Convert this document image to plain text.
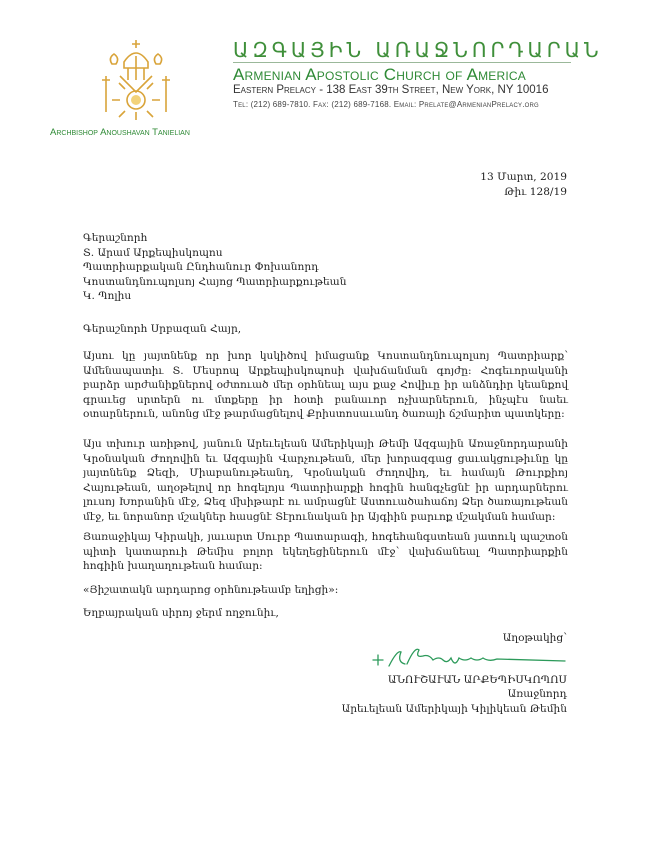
ԱԶԳԱՅԻՆ ԱՌԱՋՆՈՐԴԱՐԱՆ
Armenian Apostolic Church of America
Eastern Prelacy - 138 East 39th Street, New York, NY 10016
Tel: (212) 689-7810. Fax: (212) 689-7168. Email: Prelate@ArmenianPrelacy.org
Archbishop Anoushavan Tanielian
13 Մարտ, 2019
Թիւ 128/19
Գերաշնորհ
Տ. Արամ Արքեպիսկոպոս
Պատրիարքական Ընդհանուր Փոխանորդ
Կոստանդնուպոլսոյ Հայոց Պատրիարքութեան
Կ. Պոլիս
Գերաշնորհ Սրբազան Հայր,
Այսու կը յայտնենք որ խոր կսկիծով իմացանք Կոստանդնուպոլսոյ Պատրիարք՝ Ամենապատիւ Տ. Մեսրոպ Արքեպիսկոպոսի վախճանման գոյժը: Հոգեւորականի բարձր արժանիքներով օժտուած մեր օրհնեալ այս քաջ Հովիւը իր անձնդիր կեանքով գրաւեց սրտերն ու մտքերը իր հօտի բանաւոր ոչխարներուն, ինչպէս նաեւ օտարներուն, անոնց մէջ թարմացնելով Քրիստոսաւանդ ծառայի ճշմարիտ պատկերը:
Այս տխուր առիթով, յանուն Արեւելեան Ամերիկայի Թեմի Ազգային Առաջնորդարանի Կրօնական Ժողովին եւ Ազգային Վարչութեան, մեր խորազգաց ցաւակցութիւնը կը յայտնենք Ձեզի, Միաբանութեանդ, Կրօնական Ժողովիդ, եւ համայն Թուրքիոյ Հայութեան, աղօթելով որ հոգելոյս Պատրիարքի հոգին հանգչեցնէ իր արդարներու լուսոյ Խորանին մէջ, Ձեզ մխիթարէ ու ամրացնէ Աստուածահաճոյ Ձեր ծառայութեան մէջ, եւ նորանոր մշակներ հասցնէ Տէրունական իր Այգիին բարւոք մշակման համար:
Յառաջիկայ Կիրակի, յաւարտ Սուրբ Պատարագի, հոգեհանգստեան յատուկ պաշտօն պիտի կատարուի Թեմիս բոլոր եկեղեցիներուն մէջ՝ վախճանեալ Պատրիարքին հոգիին խաղաղութեան համար:
«Յիշատակն արդարոց օրհնութեամբ եղիցի»:
Եղբայրական սիրոյ ջերմ ողջունիւ,
Աղօթակից՝
ԱՆՈՒՇԱՒԱՆ ԱՐՔԵՊԻՍԿՈՊՈՍ
Առաջնորդ
Արեւելեան Ամերիկայի Կիլիկեան Թեմին
